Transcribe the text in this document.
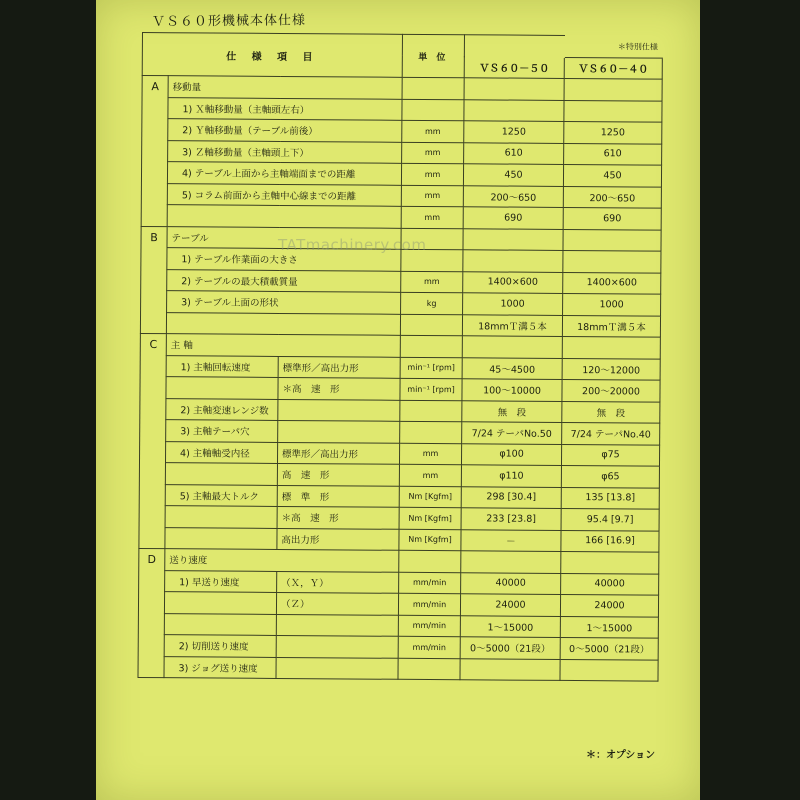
ＶＳ６０形機械本体仕様
仕 様 項 目			単 位		＊特別仕様
				ＶＳ６０－５０	ＶＳ６０－４０
A	移動量				
	1) Ｘ軸移動量（主軸頭左右）				
	2) Ｙ軸移動量（テーブル前後）		mm	1250	1250
	3) Ｚ軸移動量（主軸頭上下）		mm	610	610
	4) テーブル上面から主軸端面までの距離		mm	450	450
	5) コラム前面から主軸中心線までの距離		mm	200～650	200～650
			mm	690	690
B	テーブル				
	1) テーブル作業面の大きさ				
	2) テーブルの最大積載質量		mm	1400×600	1400×600
	3) テーブル上面の形状		kg	1000	1000
				18mmＴ溝５本	18mmＴ溝５本
C	主 軸				
	1) 主軸回転速度	標準形／高出力形	min⁻¹ [rpm]	45～4500	120～12000
		＊高　速　形	min⁻¹ [rpm]	100～10000	200～20000
	2) 主軸変速レンジ数			無　段	無　段
	3) 主軸テーパ穴			7/24 テーパNo.50	7/24 テーパNo.40
	4) 主軸軸受内径	標準形／高出力形	mm	φ100	φ75
		高　速　形	mm	φ110	φ65
	5) 主軸最大トルク	標　準　形	Nm [Kgfm]	298 [30.4]	135 [13.8]
		＊高　速　形	Nm [Kgfm]	233 [23.8]	95.4 [9.7]
		高出力形	Nm [Kgfm]	－	166 [16.9]
D	送り速度				
	1) 早送り速度	（Ｘ，Ｙ）	mm/min	40000	40000
		（Ｚ）	mm/min	24000	24000
			mm/min	1～15000	1～15000
	2) 切削送り速度		mm/min	0～5000（21段）	0～5000（21段）
	3) ジョグ送り速度				
TATmachinery.com
＊：オプション
